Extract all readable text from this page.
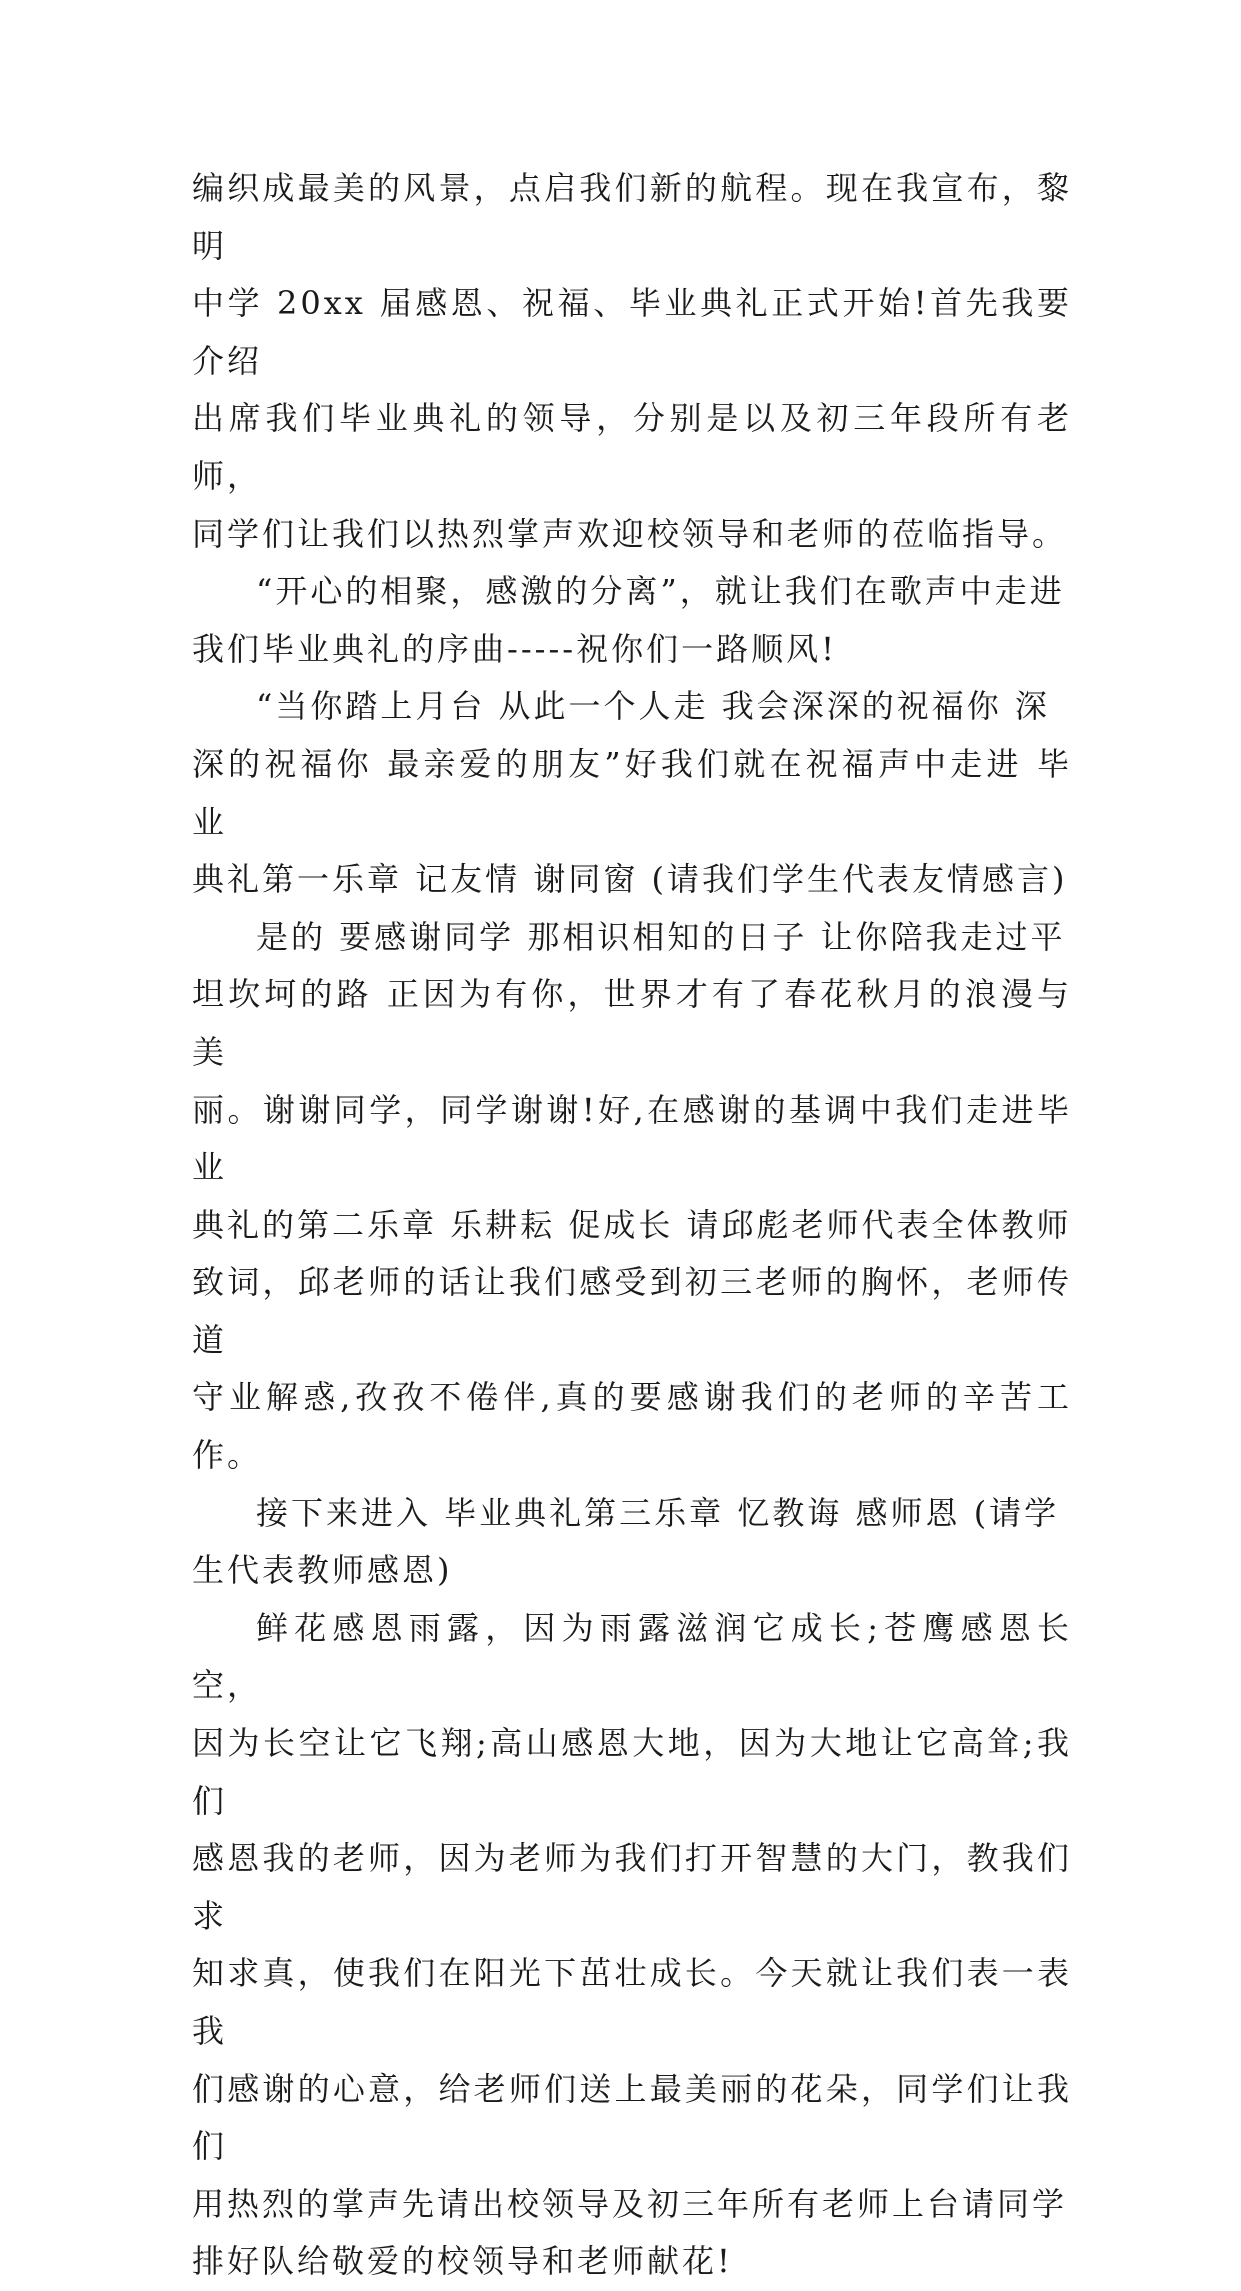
编织成最美的风景，点启我们新的航程。现在我宣布，黎明
中学 20xx 届感恩、祝福、毕业典礼正式开始!首先我要介绍
出席我们毕业典礼的领导，分别是以及初三年段所有老师，
同学们让我们以热烈掌声欢迎校领导和老师的莅临指导。

“开心的相聚，感激的分离”，就让我们在歌声中走进
我们毕业典礼的序曲-----祝你们一路顺风!

“当你踏上月台 从此一个人走 我会深深的祝福你 深
深的祝福你 最亲爱的朋友”好我们就在祝福声中走进 毕业
典礼第一乐章 记友情 谢同窗 (请我们学生代表友情感言)

是的 要感谢同学 那相识相知的日子 让你陪我走过平
坦坎坷的路 正因为有你，世界才有了春花秋月的浪漫与美
丽。谢谢同学，同学谢谢!好,在感谢的基调中我们走进毕业
典礼的第二乐章 乐耕耘 促成长 请邱彪老师代表全体教师
致词，邱老师的话让我们感受到初三老师的胸怀，老师传道
守业解惑,孜孜不倦伴,真的要感谢我们的老师的辛苦工作。

接下来进入 毕业典礼第三乐章 忆教诲 感师恩 (请学
生代表教师感恩)

鲜花感恩雨露，因为雨露滋润它成长;苍鹰感恩长空，
因为长空让它飞翔;高山感恩大地，因为大地让它高耸;我们
感恩我的老师，因为老师为我们打开智慧的大门，教我们求
知求真，使我们在阳光下茁壮成长。今天就让我们表一表我
们感谢的心意，给老师们送上最美丽的花朵，同学们让我们
用热烈的掌声先请出校领导及初三年所有老师上台请同学
排好队给敬爱的校领导和老师献花!
